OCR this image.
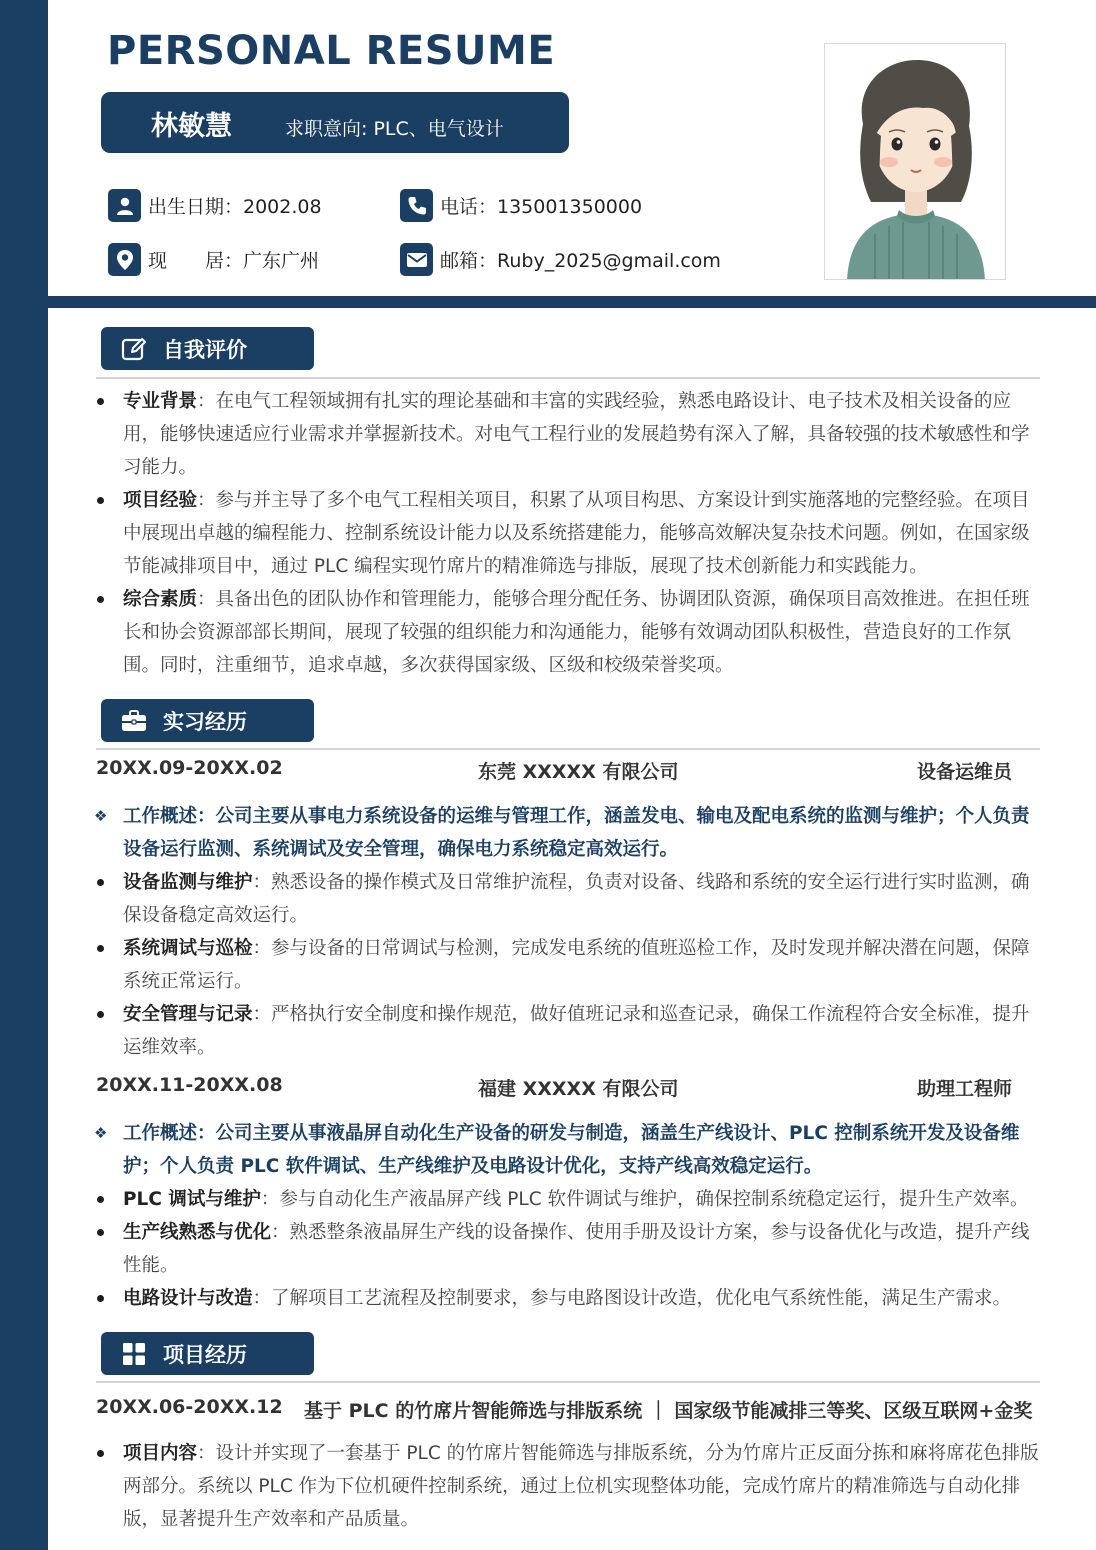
PERSONAL RESUME
林敏慧	求职意向: PLC、电气设计
出生日期：2002.08	电话：135001350000
现　　居： 广东广州	邮箱：Ruby_2025@gmail.com
自我评价
专业背景：在电气工程领域拥有扎实的理论基础和丰富的实践经验，熟悉电路设计、电子技术及相关设备的应用，能够快速适应行业需求并掌握新技术。对电气工程行业的发展趋势有深入了解，具备较强的技术敏感性和学习能力。
项目经验：参与并主导了多个电气工程相关项目，积累了从项目构思、方案设计到实施落地的完整经验。在项目中展现出卓越的编程能力、控制系统设计能力以及系统搭建能力，能够高效解决复杂技术问题。例如，在国家级节能减排项目中，通过 PLC 编程实现竹席片的精准筛选与排版，展现了技术创新能力和实践能力。
综合素质：具备出色的团队协作和管理能力，能够合理分配任务、协调团队资源，确保项目高效推进。在担任班长和协会资源部部长期间，展现了较强的组织能力和沟通能力，能够有效调动团队积极性，营造良好的工作氛围。同时，注重细节，追求卓越，多次获得国家级、区级和校级荣誉奖项。
实习经历
20XX.09-20XX.02	东莞 XXXXX 有限公司	设备运维员
❖ 工作概述：公司主要从事电力系统设备的运维与管理工作，涵盖发电、输电及配电系统的监测与维护；个人负责设备运行监测、系统调试及安全管理，确保电力系统稳定高效运行。
设备监测与维护：熟悉设备的操作模式及日常维护流程，负责对设备、线路和系统的安全运行进行实时监测，确保设备稳定高效运行。
系统调试与巡检：参与设备的日常调试与检测，完成发电系统的值班巡检工作，及时发现并解决潜在问题，保障系统正常运行。
安全管理与记录：严格执行安全制度和操作规范，做好值班记录和巡查记录，确保工作流程符合安全标准，提升运维效率。
20XX.11-20XX.08	福建 XXXXX 有限公司	助理工程师
❖ 工作概述：公司主要从事液晶屏自动化生产设备的研发与制造，涵盖生产线设计、PLC 控制系统开发及设备维护；个人负责 PLC 软件调试、生产线维护及电路设计优化，支持产线高效稳定运行。
PLC 调试与维护：参与自动化生产液晶屏产线 PLC 软件调试与维护，确保控制系统稳定运行，提升生产效率。
生产线熟悉与优化：熟悉整条液晶屏生产线的设备操作、使用手册及设计方案，参与设备优化与改造，提升产线性能。
电路设计与改造：了解项目工艺流程及控制要求，参与电路图设计改造，优化电气系统性能，满足生产需求。
项目经历
20XX.06-20XX.12 基于 PLC 的竹席片智能筛选与排版系统 ｜ 国家级节能减排三等奖、区级互联网+金奖
项目内容：设计并实现了一套基于 PLC 的竹席片智能筛选与排版系统，分为竹席片正反面分拣和麻将席花色排版两部分。系统以 PLC 作为下位机硬件控制系统，通过上位机实现整体功能，完成竹席片的精准筛选与自动化排版，显著提升生产效率和产品质量。
